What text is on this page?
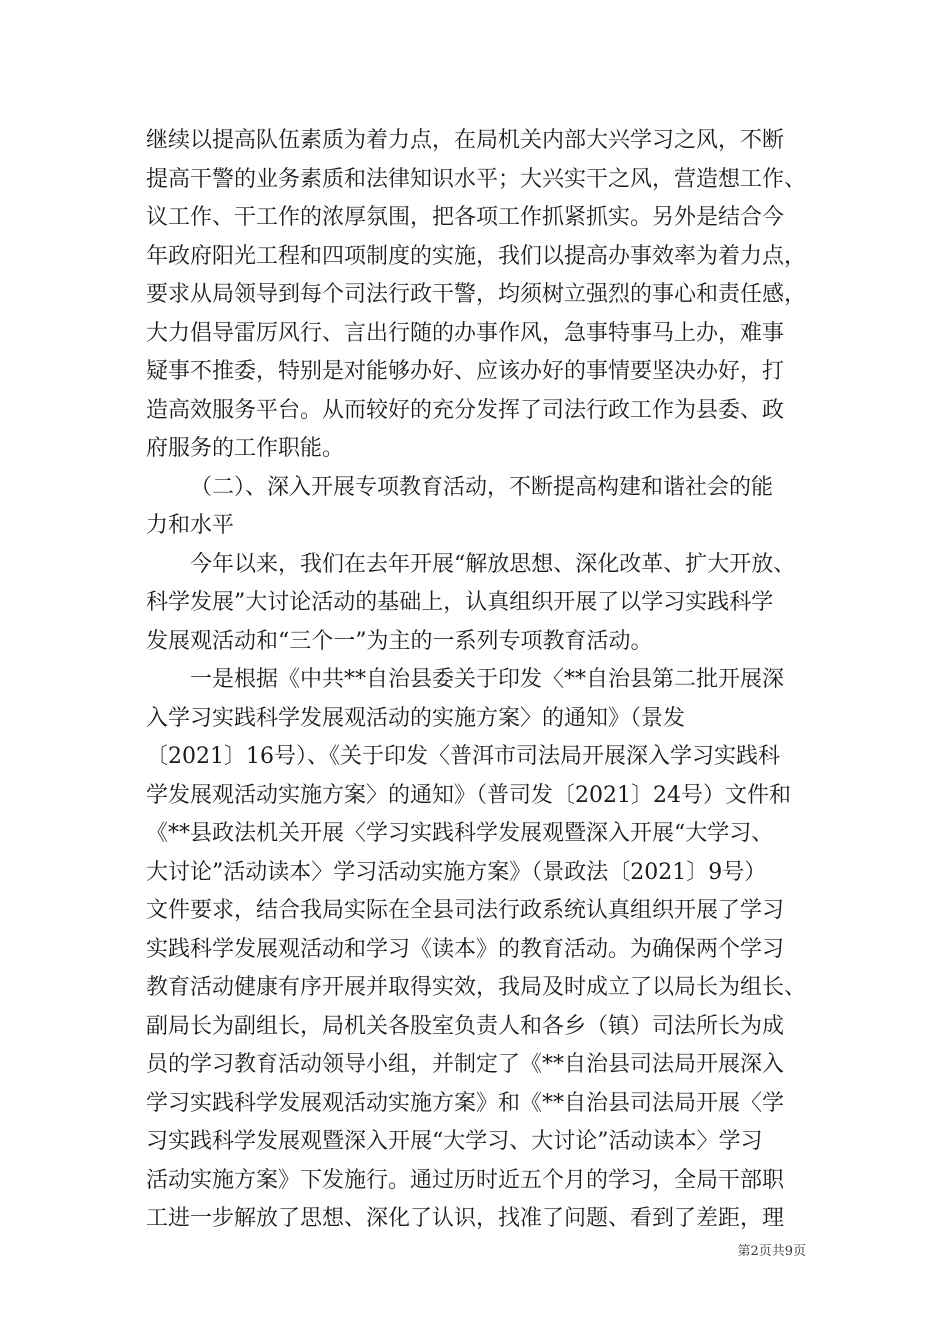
继续以提高队伍素质为着力点，在局机关内部大兴学习之风，不断
提高干警的业务素质和法律知识水平；大兴实干之风，营造想工作、
议工作、干工作的浓厚氛围，把各项工作抓紧抓实。另外是结合今
年政府阳光工程和四项制度的实施，我们以提高办事效率为着力点，
要求从局领导到每个司法行政干警，均须树立强烈的事心和责任感，
大力倡导雷厉风行、言出行随的办事作风，急事特事马上办，难事
疑事不推委，特别是对能够办好、应该办好的事情要坚决办好，打
造高效服务平台。从而较好的充分发挥了司法行政工作为县委、政
府服务的工作职能。
（二）、深入开展专项教育活动，不断提高构建和谐社会的能
力和水平
今年以来，我们在去年开展“解放思想、深化改革、扩大开放、
科学发展”大讨论活动的基础上，认真组织开展了以学习实践科学
发展观活动和“三个一”为主的一系列专项教育活动。
一是根据《中共**自治县委关于印发〈**自治县第二批开展深
入学习实践科学发展观活动的实施方案〉的通知》（景发
〔2021〕16号）、《关于印发〈普洱市司法局开展深入学习实践科
学发展观活动实施方案〉的通知》（普司发〔2021〕24号）文件和
《**县政法机关开展〈学习实践科学发展观暨深入开展“大学习、
大讨论”活动读本〉学习活动实施方案》（景政法〔2021〕9号）
文件要求，结合我局实际在全县司法行政系统认真组织开展了学习
实践科学发展观活动和学习《读本》的教育活动。为确保两个学习
教育活动健康有序开展并取得实效，我局及时成立了以局长为组长、
副局长为副组长，局机关各股室负责人和各乡（镇）司法所长为成
员的学习教育活动领导小组，并制定了《**自治县司法局开展深入
学习实践科学发展观活动实施方案》和《**自治县司法局开展〈学
习实践科学发展观暨深入开展“大学习、大讨论”活动读本〉学习
活动实施方案》下发施行。通过历时近五个月的学习，全局干部职
工进一步解放了思想、深化了认识，找准了问题、看到了差距，理
第2页共9页
